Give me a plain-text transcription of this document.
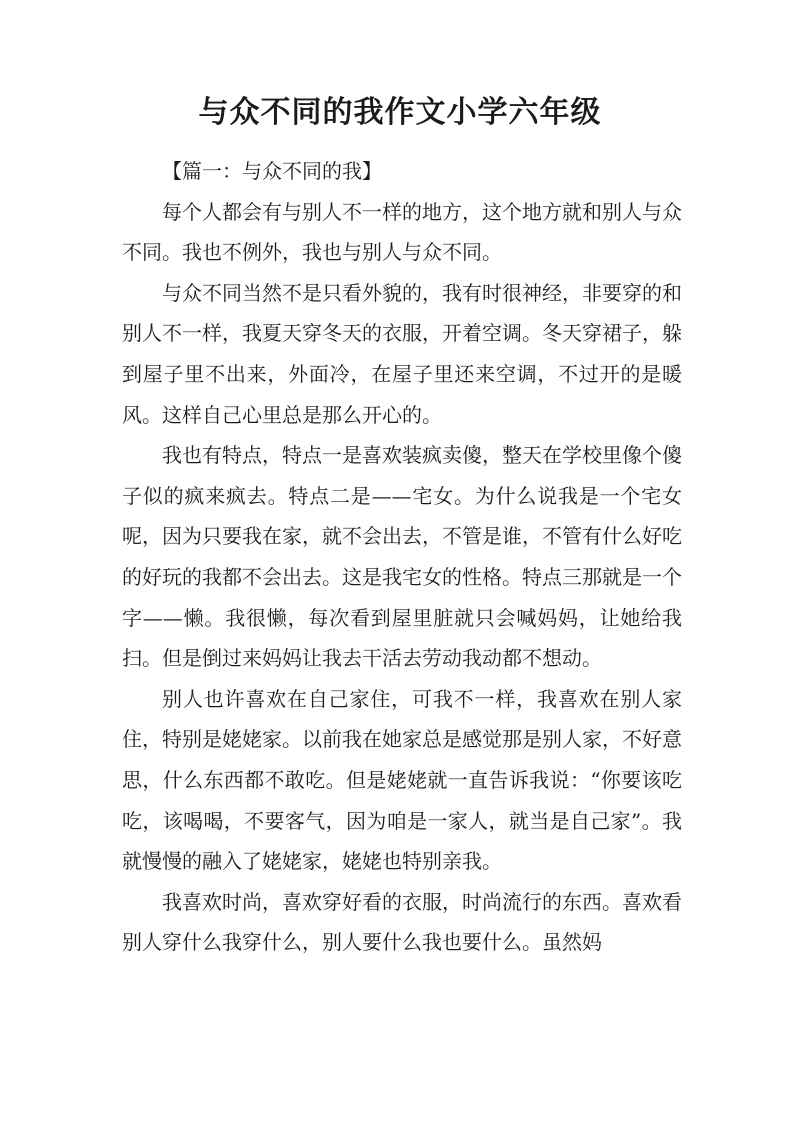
与众不同的我作文小学六年级

【篇一：与众不同的我】

每个人都会有与别人不一样的地方，这个地方就和别人与众不同。我也不例外，我也与别人与众不同。

与众不同当然不是只看外貌的，我有时很神经，非要穿的和别人不一样，我夏天穿冬天的衣服，开着空调。冬天穿裙子，躲到屋子里不出来，外面冷，在屋子里还来空调，不过开的是暖风。这样自己心里总是那么开心的。

我也有特点，特点一是喜欢装疯卖傻，整天在学校里像个傻子似的疯来疯去。特点二是——宅女。为什么说我是一个宅女呢，因为只要我在家，就不会出去，不管是谁，不管有什么好吃的好玩的我都不会出去。这是我宅女的性格。特点三那就是一个字——懒。我很懒，每次看到屋里脏就只会喊妈妈，让她给我扫。但是倒过来妈妈让我去干活去劳动我动都不想动。

别人也许喜欢在自己家住，可我不一样，我喜欢在别人家住，特别是姥姥家。以前我在她家总是感觉那是别人家，不好意思，什么东西都不敢吃。但是姥姥就一直告诉我说：“你要该吃吃，该喝喝，不要客气，因为咱是一家人，就当是自己家”。我就慢慢的融入了姥姥家，姥姥也特别亲我。

我喜欢时尚，喜欢穿好看的衣服，时尚流行的东西。喜欢看别人穿什么我穿什么，别人要什么我也要什么。虽然妈
